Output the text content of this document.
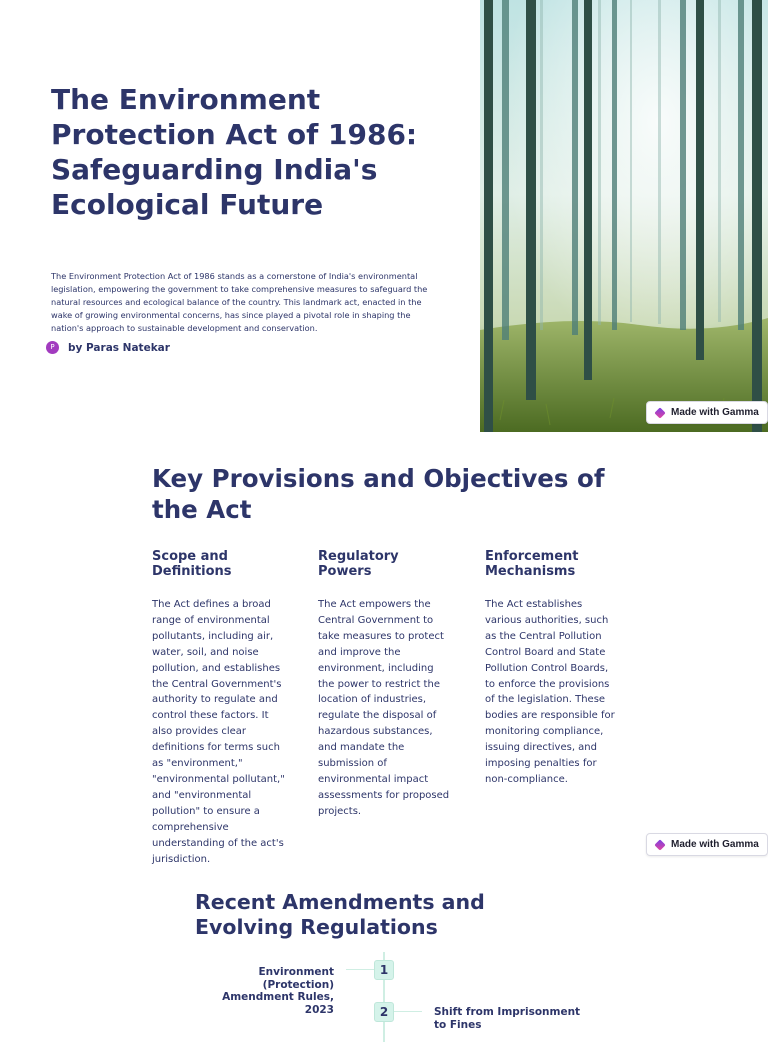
The Environment Protection Act of 1986: Safeguarding India's Ecological Future

The Environment Protection Act of 1986 stands as a cornerstone of India's environmental legislation, empowering the government to take comprehensive measures to safeguard the natural resources and ecological balance of the country. This landmark act, enacted in the wake of growing environmental concerns, has since played a pivotal role in shaping the nation's approach to sustainable development and conservation.

P	by Paras Natekar
Made with Gamma
Key Provisions and Objectives of the Act
Scope and Definitions

The Act defines a broad range of environmental pollutants, including air, water, soil, and noise pollution, and establishes the Central Government's authority to regulate and control these factors. It also provides clear definitions for terms such as "environment," "environmental pollutant," and "environmental pollution" to ensure a comprehensive understanding of the act's jurisdiction.

Regulatory Powers

The Act empowers the Central Government to take measures to protect and improve the environment, including the power to restrict the location of industries, regulate the disposal of hazardous substances, and mandate the submission of environmental impact assessments for proposed projects.

Enforcement Mechanisms

The Act establishes various authorities, such as the Central Pollution Control Board and State Pollution Control Boards, to enforce the provisions of the legislation. These bodies are responsible for monitoring compliance, issuing directives, and imposing penalties for non-compliance.

Made with Gamma
Recent Amendments and Evolving Regulations
1
Environment (Protection) Amendment Rules, 2023	2	Shift from Imprisonment to Fines
